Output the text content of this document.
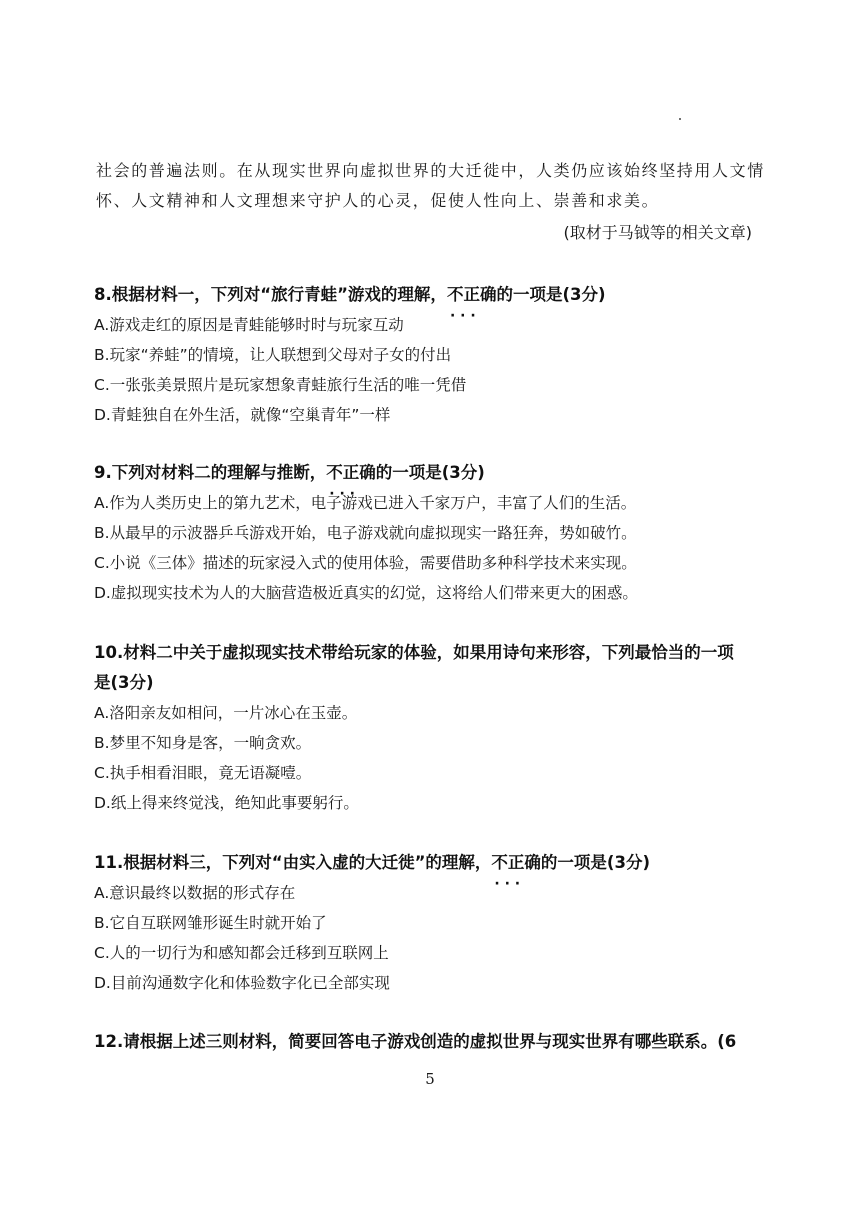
社会的普遍法则。在从现实世界向虚拟世界的大迁徙中，人类仍应该始终坚持用人文情
怀、人文精神和人文理想来守护人的心灵，促使人性向上、崇善和求美。
(取材于马钺等的相关文章)
8.根据材料一，下列对“旅行青蛙”游戏的理解，不正确 · · ·的一项是(3分)
A.游戏走红的原因是青蛙能够时时与玩家互动
B.玩家“养蛙”的情境，让人联想到父母对子女的付出
C.一张张美景照片是玩家想象青蛙旅行生活的唯一凭借
D.青蛙独自在外生活，就像“空巢青年”一样
9.下列对材料二的理解与推断，不正确 · · ·的一项是(3分)
A.作为人类历史上的第九艺术，电子游戏已进入千家万户，丰富了人们的生活。
B.从最早的示波器乒乓游戏开始，电子游戏就向虚拟现实一路狂奔，势如破竹。
C.小说《三体》描述的玩家浸入式的使用体验，需要借助多种科学技术来实现。
D.虚拟现实技术为人的大脑营造极近真实的幻觉，这将给人们带来更大的困惑。
10.材料二中关于虚拟现实技术带给玩家的体验，如果用诗句来形容，下列最恰当的一项
是(3分)
A.洛阳亲友如相问，一片冰心在玉壶。
B.梦里不知身是客，一晌贪欢。
C.执手相看泪眼，竟无语凝噎。
D.纸上得来终觉浅，绝知此事要躬行。
11.根据材料三，下列对“由实入虚的大迁徙”的理解，不正确 · · ·的一项是(3分)
A.意识最终以数据的形式存在
B.它自互联网雏形诞生时就开始了
C.人的一切行为和感知都会迁移到互联网上
D.目前沟通数字化和体验数字化已全部实现
12.请根据上述三则材料，简要回答电子游戏创造的虚拟世界与现实世界有哪些联系。(6
5
